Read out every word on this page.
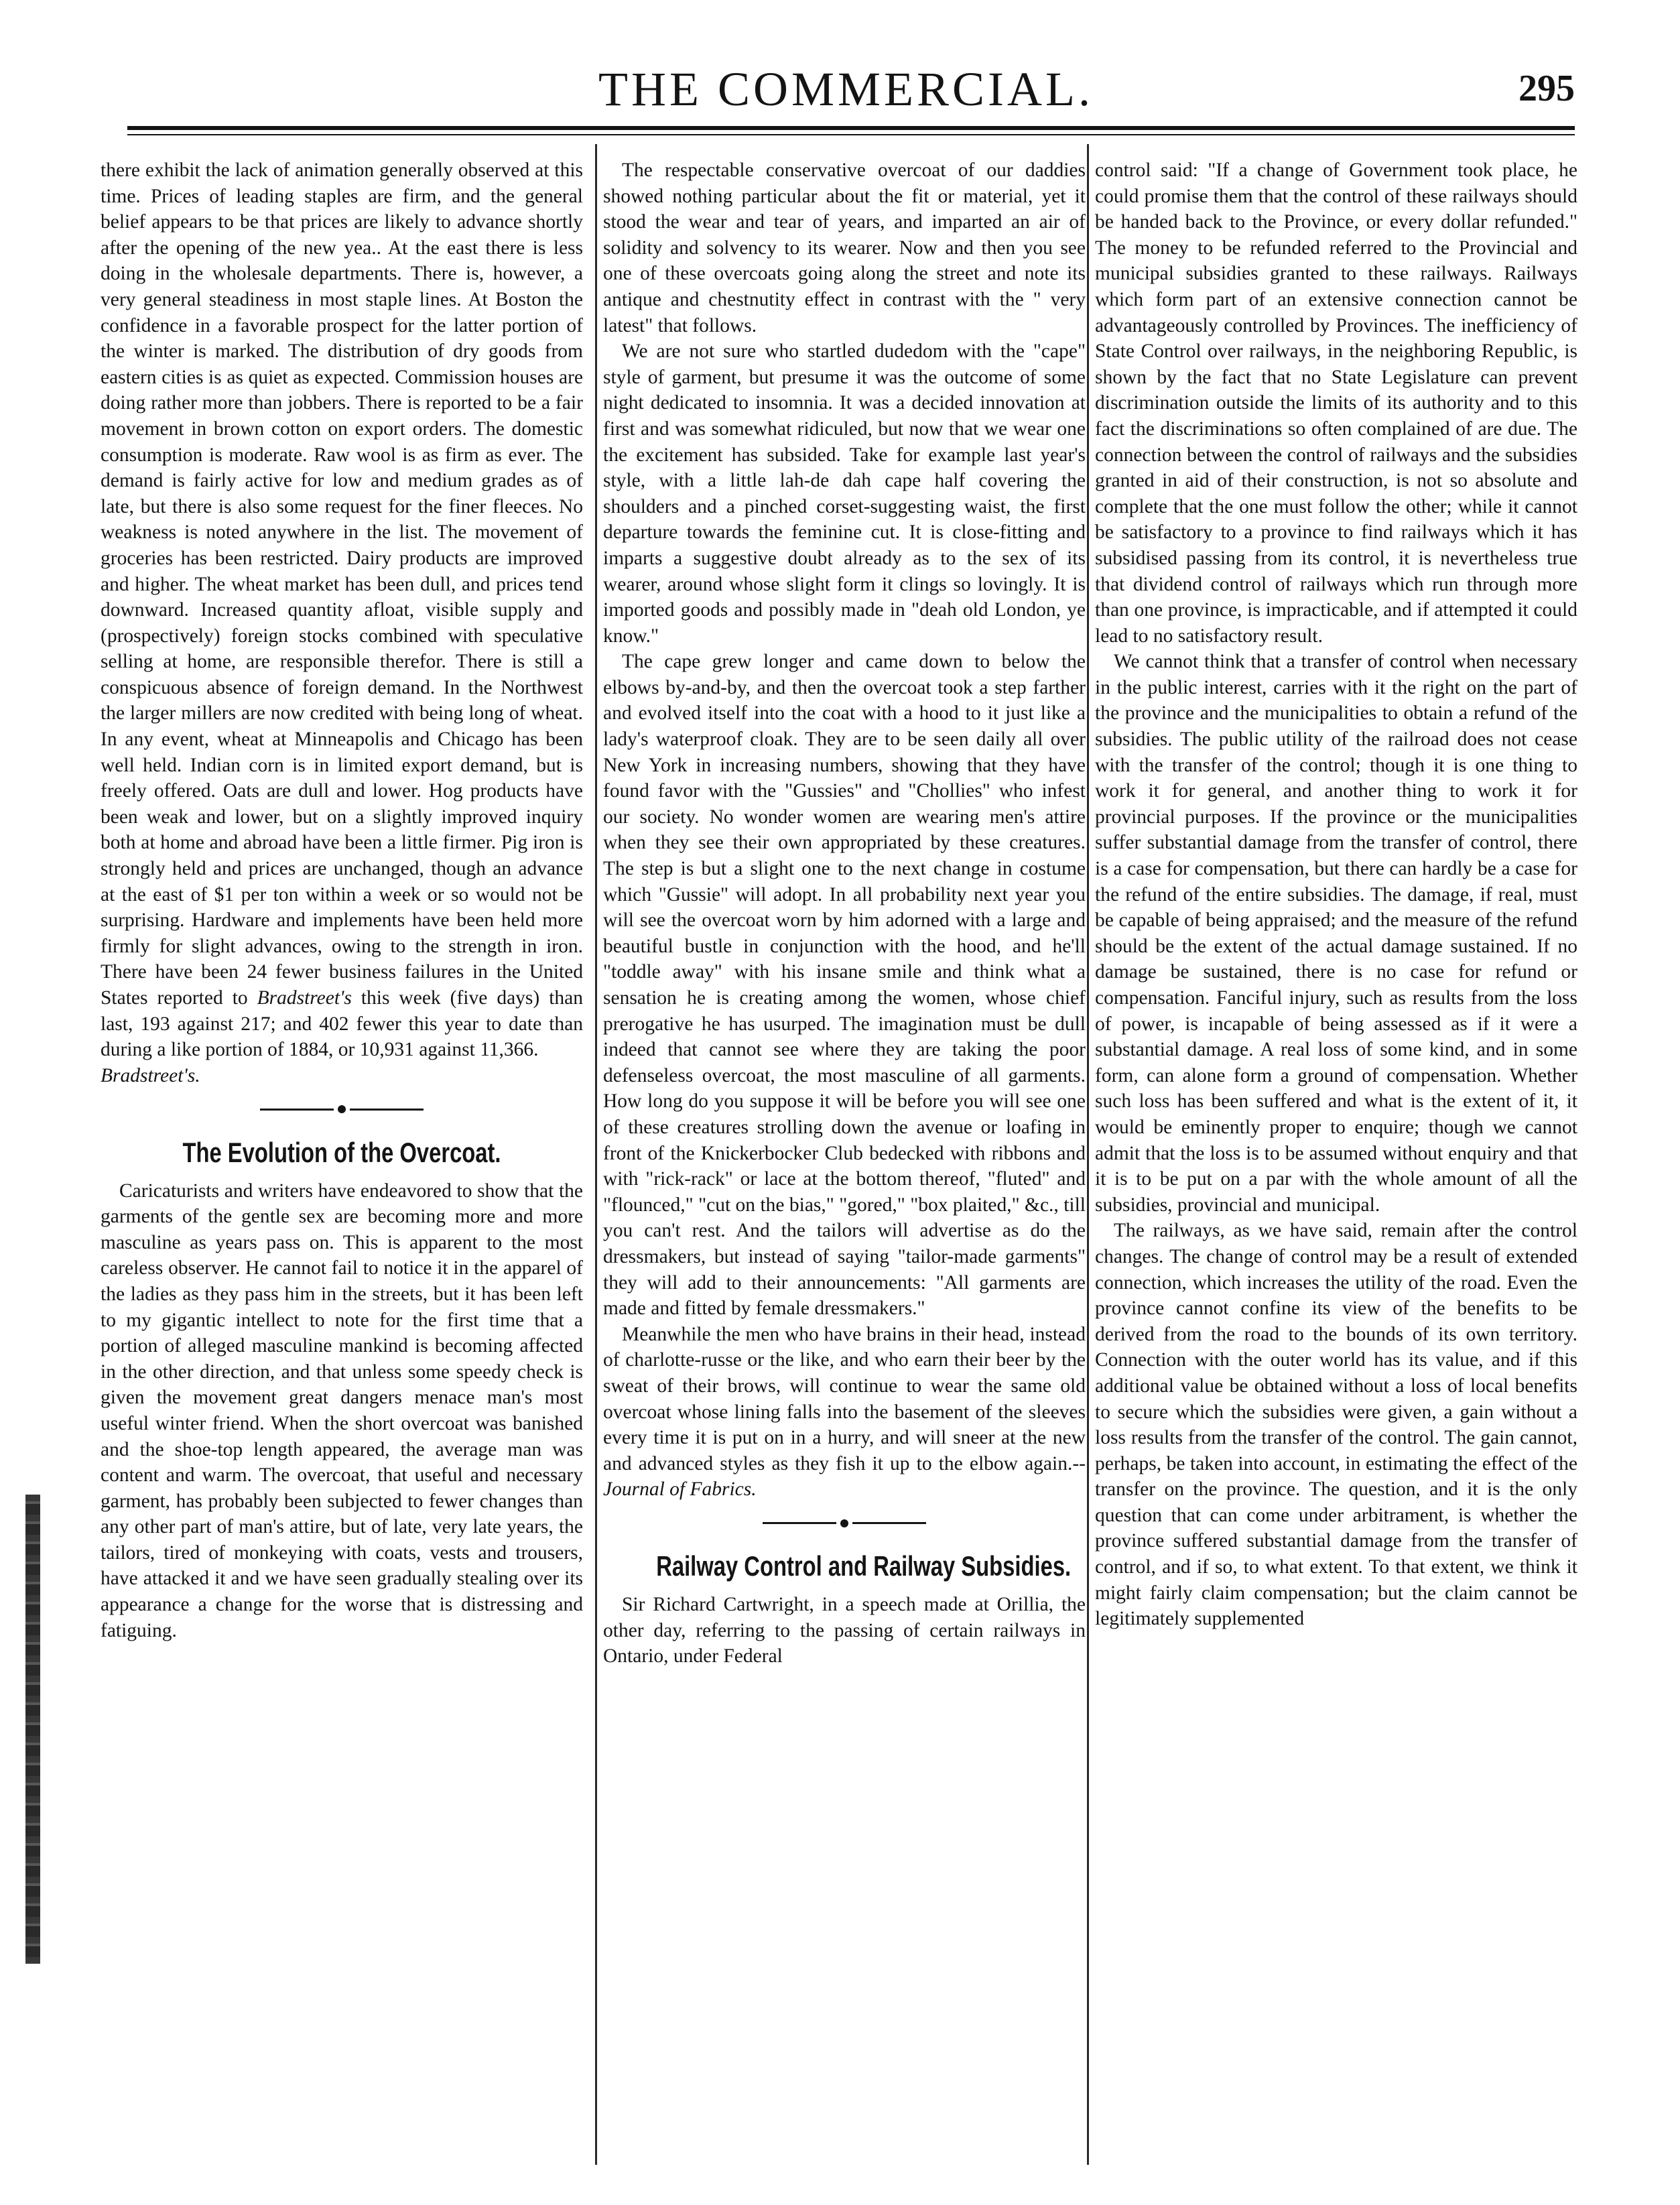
THE COMMERCIAL.	295

there exhibit the lack of animation generally observed at this time. Prices of leading staples are firm, and the general belief appears to be that prices are likely to advance shortly after the opening of the new yea.. At the east there is less doing in the wholesale departments. There is, however, a very general steadiness in most staple lines. At Boston the confidence in a favorable prospect for the latter portion of the winter is marked. The distribution of dry goods from eastern cities is as quiet as expected. Commission houses are doing rather more than jobbers. There is reported to be a fair movement in brown cotton on export orders. The domestic consumption is moderate. Raw wool is as firm as ever. The demand is fairly active for low and medium grades as of late, but there is also some request for the finer fleeces. No weakness is noted anywhere in the list. The movement of groceries has been restricted. Dairy products are improved and higher. The wheat market has been dull, and prices tend downward. Increased quantity afloat, visible supply and (prospectively) foreign stocks combined with speculative selling at home, are responsible therefor. There is still a conspicuous absence of foreign demand. In the Northwest the larger millers are now credited with being long of wheat. In any event, wheat at Minneapolis and Chicago has been well held. Indian corn is in limited export demand, but is freely offered. Oats are dull and lower. Hog products have been weak and lower, but on a slightly improved inquiry both at home and abroad have been a little firmer. Pig iron is strongly held and prices are unchanged, though an advance at the east of $1 per ton within a week or so would not be surprising. Hardware and implements have been held more firmly for slight advances, owing to the strength in iron. There have been 24 fewer business failures in the United States reported to Bradstreet's this week (five days) than last, 193 against 217; and 402 fewer this year to date than during a like portion of 1884, or 10,931 against 11,366.

Bradstreet's.

The Evolution of the Overcoat.

Caricaturists and writers have endeavored to show that the garments of the gentle sex are becoming more and more masculine as years pass on. This is apparent to the most careless observer. He cannot fail to notice it in the apparel of the ladies as they pass him in the streets, but it has been left to my gigantic intellect to note for the first time that a portion of alleged masculine mankind is becoming affected in the other direction, and that unless some speedy check is given the movement great dangers menace man's most useful winter friend. When the short overcoat was banished and the shoe-top length appeared, the average man was content and warm. The overcoat, that useful and necessary garment, has probably been subjected to fewer changes than any other part of man's attire, but of late, very late years, the tailors, tired of monkeying with coats, vests and trousers, have attacked it and we have seen gradually stealing over its appearance a change for the worse that is distressing and fatiguing.

The respectable conservative overcoat of our daddies showed nothing particular about the fit or material, yet it stood the wear and tear of years, and imparted an air of solidity and solvency to its wearer. Now and then you see one of these overcoats going along the street and note its antique and chestnutity effect in contrast with the " very latest" that follows.

We are not sure who startled dudedom with the "cape" style of garment, but presume it was the outcome of some night dedicated to insomnia. It was a decided innovation at first and was somewhat ridiculed, but now that we wear one the excitement has subsided. Take for example last year's style, with a little lah-de dah cape half covering the shoulders and a pinched corset-suggesting waist, the first departure towards the feminine cut. It is close-fitting and imparts a suggestive doubt already as to the sex of its wearer, around whose slight form it clings so lovingly. It is imported goods and possibly made in "deah old London, ye know."

The cape grew longer and came down to below the elbows by-and-by, and then the overcoat took a step farther and evolved itself into the coat with a hood to it just like a lady's waterproof cloak. They are to be seen daily all over New York in increasing numbers, showing that they have found favor with the "Gussies" and "Chollies" who infest our society. No wonder women are wearing men's attire when they see their own appropriated by these creatures. The step is but a slight one to the next change in costume which "Gussie" will adopt. In all probability next year you will see the overcoat worn by him adorned with a large and beautiful bustle in conjunction with the hood, and he'll "toddle away" with his insane smile and think what a sensation he is creating among the women, whose chief prerogative he has usurped. The imagination must be dull indeed that cannot see where they are taking the poor defenseless overcoat, the most masculine of all garments. How long do you suppose it will be before you will see one of these creatures strolling down the avenue or loafing in front of the Knickerbocker Club bedecked with ribbons and with "rick-rack" or lace at the bottom thereof, "fluted" and "flounced," "cut on the bias," "gored," "box plaited," &c., till you can't rest. And the tailors will advertise as do the dressmakers, but instead of saying "tailor-made garments" they will add to their announcements: "All garments are made and fitted by female dressmakers."

Meanwhile the men who have brains in their head, instead of charlotte-russe or the like, and who earn their beer by the sweat of their brows, will continue to wear the same old overcoat whose lining falls into the basement of the sleeves every time it is put on in a hurry, and will sneer at the new and advanced styles as they fish it up to the elbow again.--Journal of Fabrics.

Railway Control and Railway Subsidies.

Sir Richard Cartwright, in a speech made at Orillia, the other day, referring to the passing of certain railways in Ontario, under Federal

control said: "If a change of Government took place, he could promise them that the control of these railways should be handed back to the Province, or every dollar refunded." The money to be refunded referred to the Provincial and municipal subsidies granted to these railways. Railways which form part of an extensive connection cannot be advantageously controlled by Provinces. The inefficiency of State Control over railways, in the neighboring Republic, is shown by the fact that no State Legislature can prevent discrimination outside the limits of its authority and to this fact the discriminations so often complained of are due. The connection between the control of railways and the subsidies granted in aid of their construction, is not so absolute and complete that the one must follow the other; while it cannot be satisfactory to a province to find railways which it has subsidised passing from its control, it is nevertheless true that dividend control of railways which run through more than one province, is impracticable, and if attempted it could lead to no satisfactory result.

We cannot think that a transfer of control when necessary in the public interest, carries with it the right on the part of the province and the municipalities to obtain a refund of the subsidies. The public utility of the railroad does not cease with the transfer of the control; though it is one thing to work it for general, and another thing to work it for provincial purposes. If the province or the municipalities suffer substantial damage from the transfer of control, there is a case for compensation, but there can hardly be a case for the refund of the entire subsidies. The damage, if real, must be capable of being appraised; and the measure of the refund should be the extent of the actual damage sustained. If no damage be sustained, there is no case for refund or compensation. Fanciful injury, such as results from the loss of power, is incapable of being assessed as if it were a substantial damage. A real loss of some kind, and in some form, can alone form a ground of compensation. Whether such loss has been suffered and what is the extent of it, it would be eminently proper to enquire; though we cannot admit that the loss is to be assumed without enquiry and that it is to be put on a par with the whole amount of all the subsidies, provincial and municipal.

The railways, as we have said, remain after the control changes. The change of control may be a result of extended connection, which increases the utility of the road. Even the province cannot confine its view of the benefits to be derived from the road to the bounds of its own territory. Connection with the outer world has its value, and if this additional value be obtained without a loss of local benefits to secure which the subsidies were given, a gain without a loss results from the transfer of the control. The gain cannot, perhaps, be taken into account, in estimating the effect of the transfer on the province. The question, and it is the only question that can come under arbitrament, is whether the province suffered substantial damage from the transfer of control, and if so, to what extent. To that extent, we think it might fairly claim compensation; but the claim cannot be legitimately supplemented
